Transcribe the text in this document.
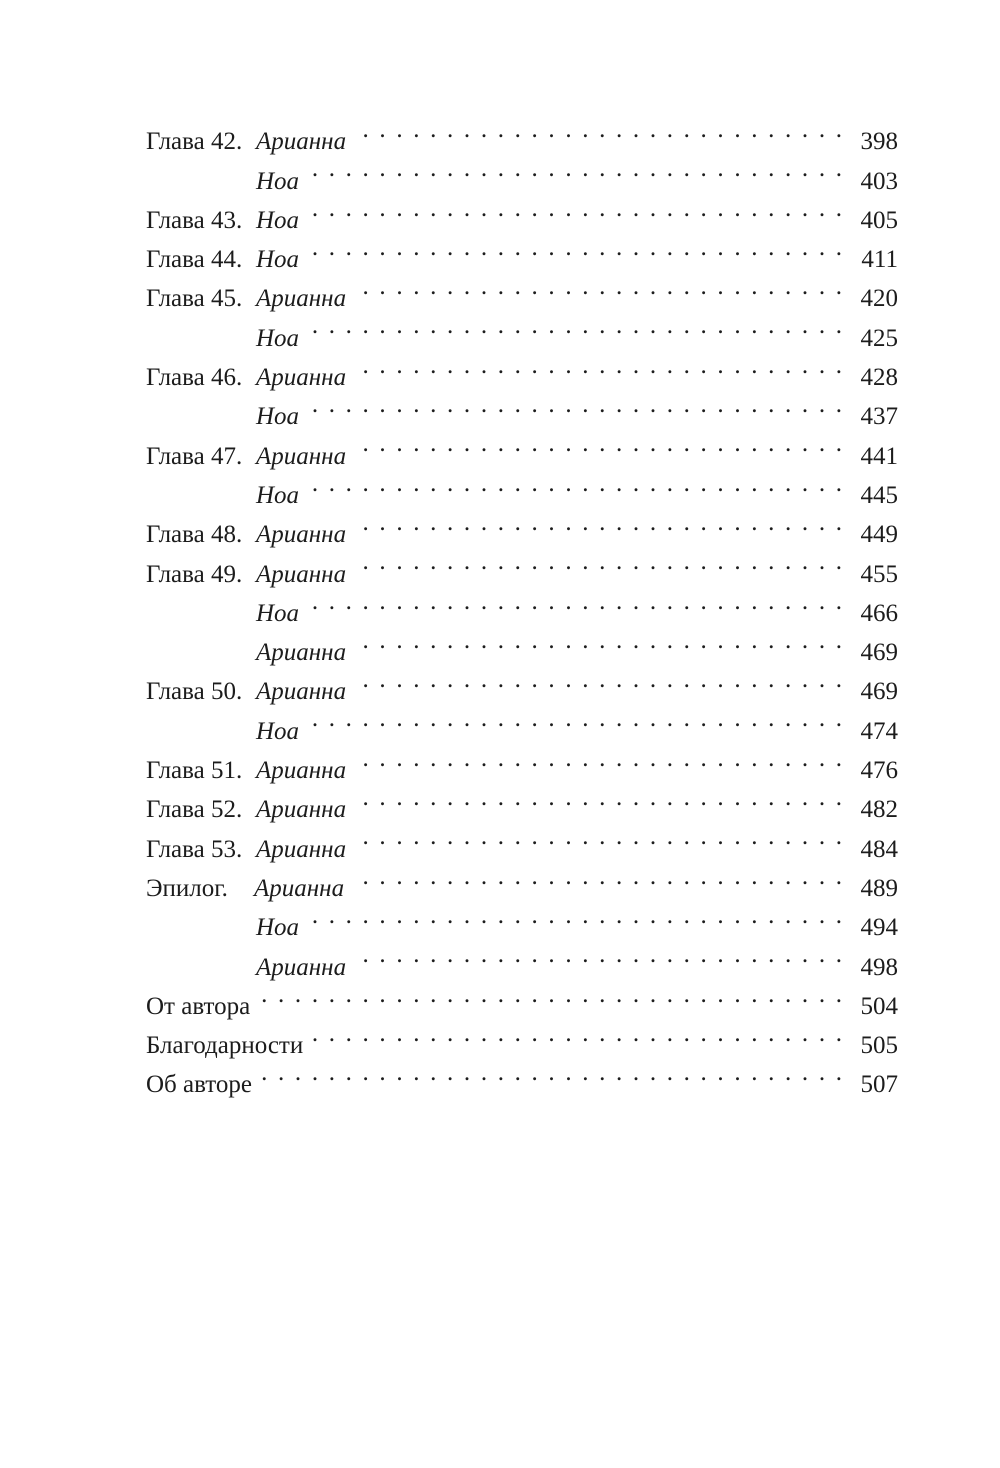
Глава 42. Арианна . . .	398
Ноа . . .	403
Глава 43. Ноа . . .	405
Глава 44. Ноа . . .	411
Глава 45. Арианна . . .	420
Ноа . . .	425
Глава 46. Арианна . . .	428
Ноа . . .	437
Глава 47. Арианна . . .	441
Ноа . . .	445
Глава 48. Арианна . . .	449
Глава 49. Арианна . . .	455
Ноа . . .	466
Арианна . . .	469
Глава 50. Арианна . . .	469
Ноа . . .	474
Глава 51. Арианна . . .	476
Глава 52. Арианна . . .	482
Глава 53. Арианна . . .	484
Эпилог.	Арианна . . .	489
Ноа . . .	494
Арианна . . .	498
От автора . . .	504
Благодарности . . .	505
Об авторе . . .	507
